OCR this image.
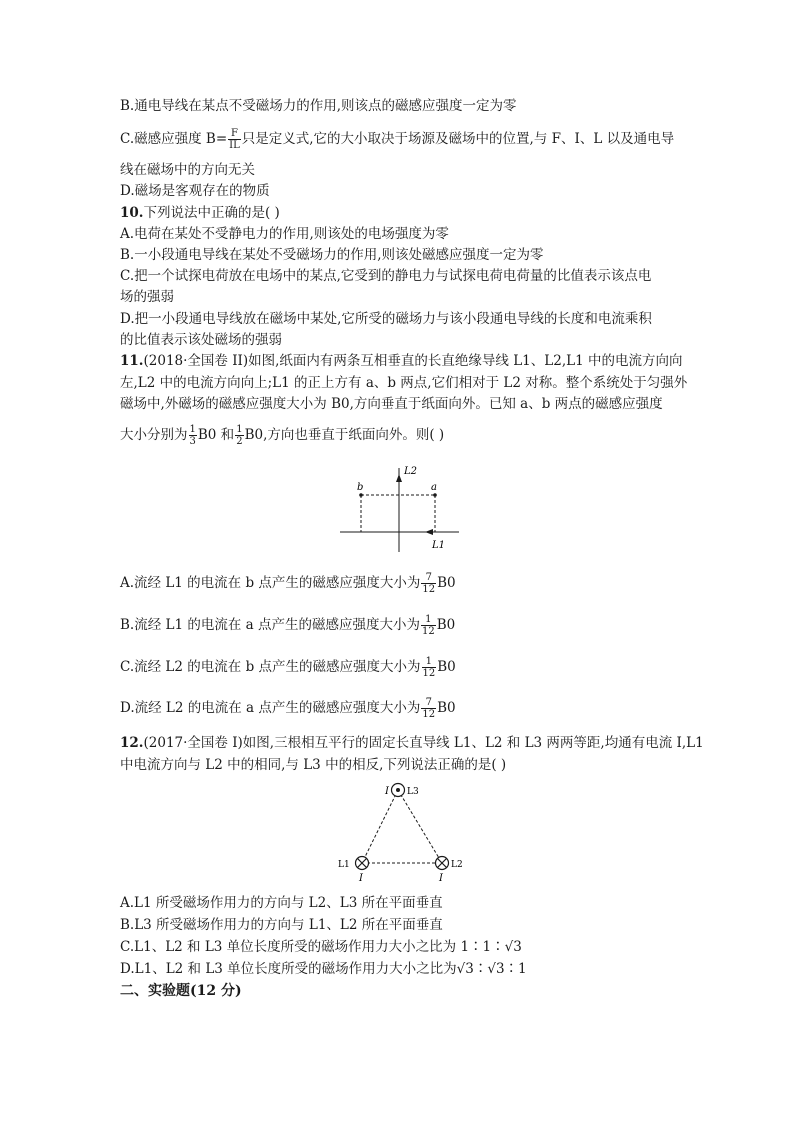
B.通电导线在某点不受磁场力的作用,则该点的磁感应强度一定为零
C.磁感应强度 $B= \frac{F}{IL}$ 只是定义式,它的大小取决于场源及磁场中的位置,与 F、I、L 以及通电导
线在磁场中的方向无关
D.磁场是客观存在的物质
10.下列说法中正确的是( )
A.电荷在某处不受静电力的作用,则该处的电场强度为零
B.一小段通电导线在某处不受磁场力的作用,则该处磁感应强度一定为零
C.把一个试探电荷放在电场中的某点,它受到的静电力与试探电荷电荷量的比值表示该点电
场的强弱
D.把一小段通电导线放在磁场中某处,它所受的磁场力与该小段通电导线的长度和电流乘积
的比值表示该处磁场的强弱
11.(2018·全国卷 II)如图,纸面内有两条互相垂直的长直绝缘导线 L1、L2,L1 中的电流方向向
左,L2 中的电流方向向上;L1 的正上方有 a、b 两点,它们相对于 L2 对称。整个系统处于匀强外
磁场中,外磁场的磁感应强度大小为 B0,方向垂直于纸面向外。已知 a、b 两点的磁感应强度
大小分别为 $\frac{1}{3} B0$ 和 $\frac{1}{2} B0$,方向也垂直于纸面向外。则( )
L2
b	a
L1
A.流经 L1 的电流在 b 点产生的磁感应强度大小为 $\frac{7}{12} B0$
B.流经 L1 的电流在 a 点产生的磁感应强度大小为 $\frac{1}{12} B0$
C.流经 L2 的电流在 b 点产生的磁感应强度大小为 $\frac{1}{12} B0$
D.流经 L2 的电流在 a 点产生的磁感应强度大小为 $\frac{7}{12} B0$
12.(2017·全国卷 I)如图,三根相互平行的固定长直导线 L1、L2 和 L3 两两等距,均通有电流 I,L1
中电流方向与 L2 中的相同,与 L3 中的相反,下列说法正确的是( )
I L3
L1
I
L2
I
A.L1 所受磁场作用力的方向与 L2、L3 所在平面垂直
B.L3 所受磁场作用力的方向与 L1、L2 所在平面垂直
C.L1、L2 和 L3 单位长度所受的磁场作用力大小之比为 1∶1∶√3
D.L1、L2 和 L3 单位长度所受的磁场作用力大小之比为√3∶√3∶1
二、实验题(12 分)
